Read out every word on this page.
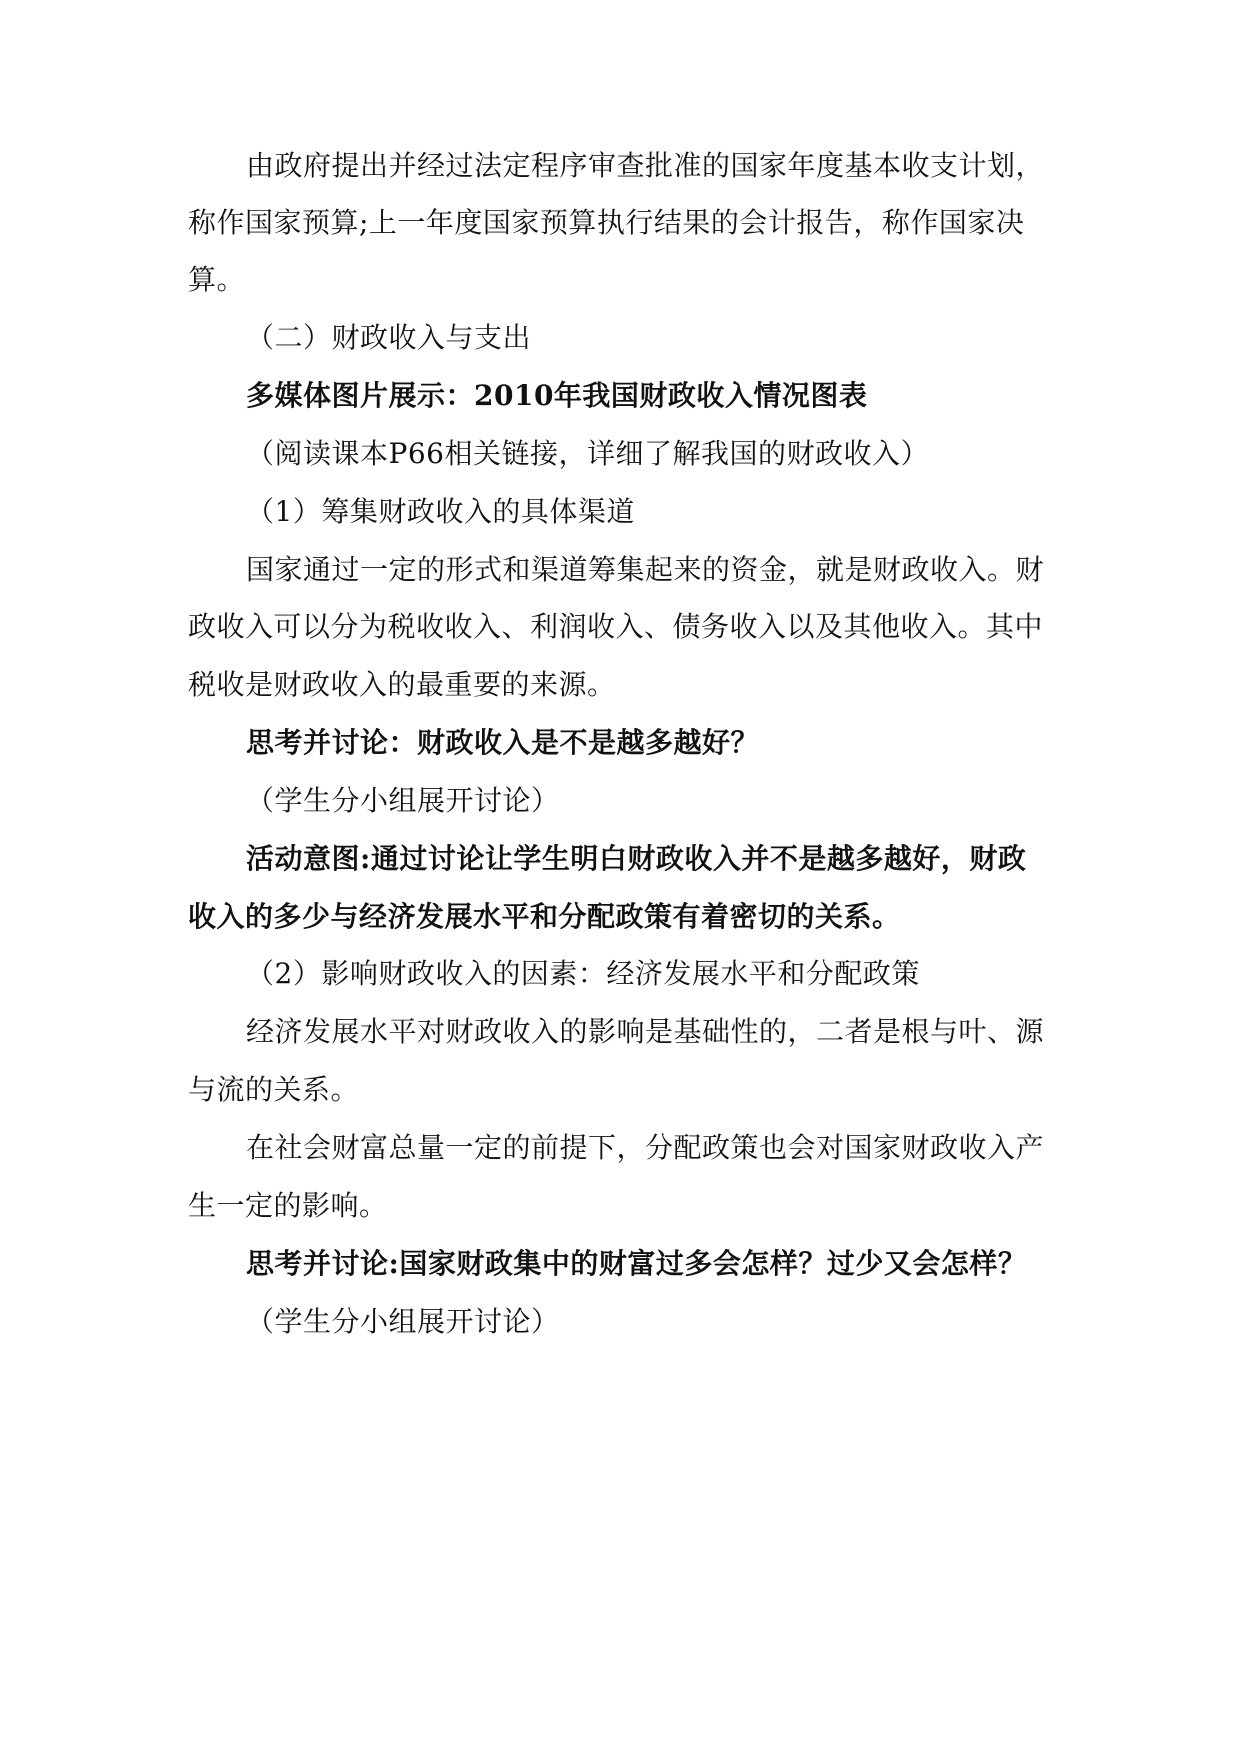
由政府提出并经过法定程序审查批准的国家年度基本收支计划，
称作国家预算;上一年度国家预算执行结果的会计报告，称作国家决
算。
（二）财政收入与支出
多媒体图片展示：2010年我国财政收入情况图表
（阅读课本P66相关链接，详细了解我国的财政收入）
（1）筹集财政收入的具体渠道
国家通过一定的形式和渠道筹集起来的资金，就是财政收入。财
政收入可以分为税收收入、利润收入、债务收入以及其他收入。其中
税收是财政收入的最重要的来源。
思考并讨论：财政收入是不是越多越好？
（学生分小组展开讨论）
活动意图:通过讨论让学生明白财政收入并不是越多越好，财政
收入的多少与经济发展水平和分配政策有着密切的关系。
（2）影响财政收入的因素：经济发展水平和分配政策
经济发展水平对财政收入的影响是基础性的，二者是根与叶、源
与流的关系。
在社会财富总量一定的前提下，分配政策也会对国家财政收入产
生一定的影响。
思考并讨论:国家财政集中的财富过多会怎样？过少又会怎样？
（学生分小组展开讨论）
